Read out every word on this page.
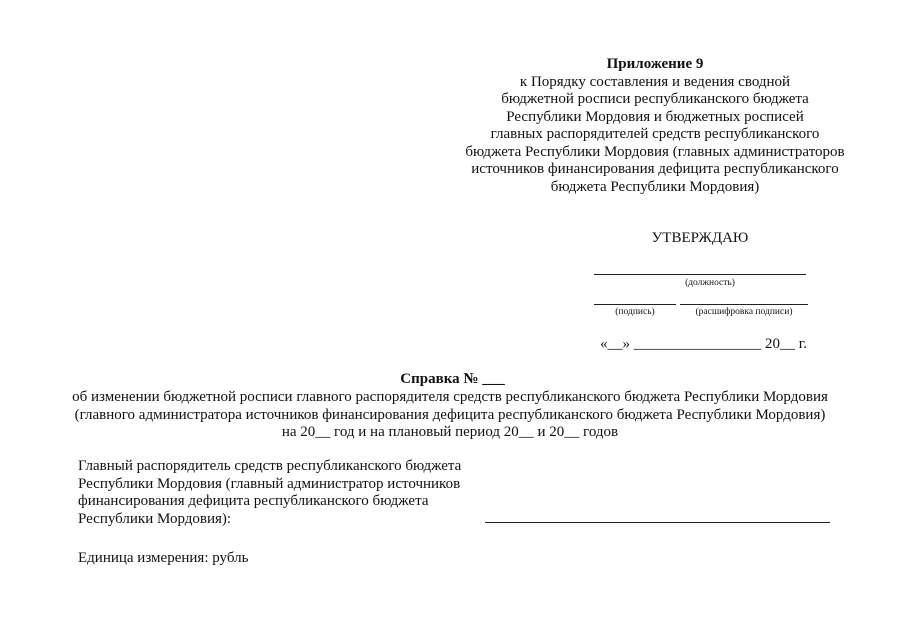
Приложение 9
к Порядку составления и ведения сводной
бюджетной росписи республиканского бюджета
Республики Мордовия и бюджетных росписей
главных распорядителей средств республиканского
бюджета Республики Мордовия (главных администраторов
источников финансирования дефицита республиканского
бюджета Республики Мордовия)
УТВЕРЖДАЮ
(должность)
(подпись)	(расшифровка подписи)
«__» _________________ 20__ г.
Справка № ___
об изменении бюджетной росписи главного распорядителя средств республиканского бюджета Республики Мордовия
(главного администратора источников финансирования дефицита республиканского бюджета Республики Мордовия)
на 20__ год и на плановый период 20__ и 20__ годов
Главный распорядитель средств республиканского бюджета
Республики Мордовия (главный администратор источников
финансирования дефицита республиканского бюджета
Республики Мордовия):
Единица измерения: рубль
